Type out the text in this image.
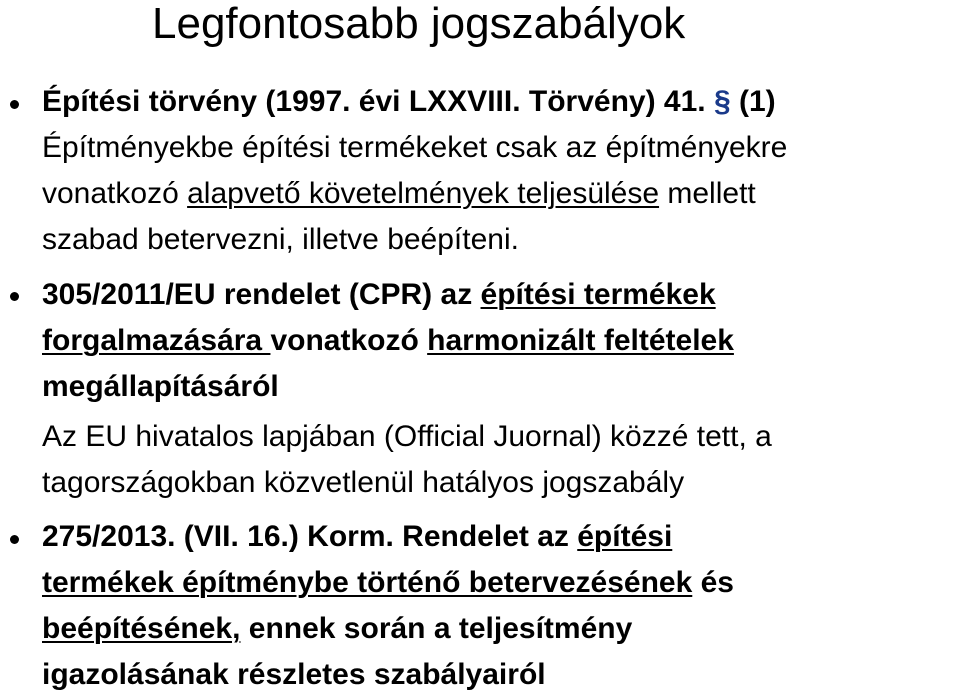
Legfontosabb jogszabályok

Építési törvény (1997. évi LXXVIII. Törvény) 41. § (1)
Építményekbe építési termékeket csak az építményekre
vonatkozó alapvető követelmények teljesülése mellett
szabad betervezni, illetve beépíteni.

305/2011/EU rendelet (CPR) az építési termékek
forgalmazására vonatkozó harmonizált feltételek
megállapításáról
Az EU hivatalos lapjában (Official Juornal) közzé tett, a
tagországokban közvetlenül hatályos jogszabály

275/2013. (VII. 16.) Korm. Rendelet az építési
termékek építménybe történő betervezésének és
beépítésének, ennek során a teljesítmény
igazolásának részletes szabályairól
